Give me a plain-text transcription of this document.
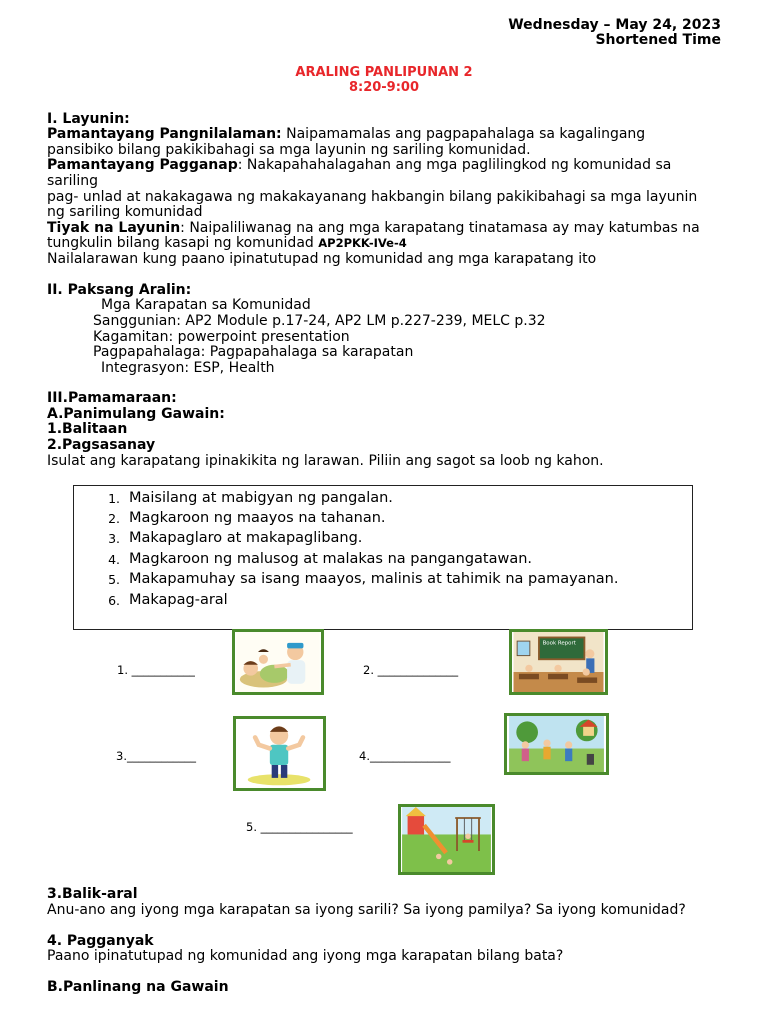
Wednesday – May 24, 2023
Shortened Time
ARALING PANLIPUNAN 2
8:20-9:00
I. Layunin:
Pamantayang Pangnilalaman: Naipamamalas ang pagpapahalaga sa kagalingang
pansibiko bilang pakikibahagi sa mga layunin ng sariling komunidad.
Pamantayang Pagganap: Nakapahahalagahan ang mga paglilingkod ng komunidad sa
sariling
pag- unlad at nakakagawa ng makakayanang hakbangin bilang pakikibahagi sa mga layunin
ng sariling komunidad
Tiyak na Layunin: Naipaliliwanag na ang mga karapatang tinatamasa ay may katumbas na
tungkulin bilang kasapi ng komunidad AP2PKK-IVe-4
Nailalarawan kung paano ipinatutupad ng komunidad ang mga karapatang ito
II. Paksang Aralin:
Mga Karapatan sa Komunidad
Sanggunian: AP2 Module p.17-24, AP2 LM p.227-239, MELC p.32
Kagamitan: powerpoint presentation
Pagpapahalaga: Pagpapahalaga sa karapatan
Integrasyon: ESP, Health
III.Pamamaraan:
A.Panimulang Gawain:
1.Balitaan
2.Pagsasanay
Isulat ang karapatang ipinakikita ng larawan. Piliin ang sagot sa loob ng kahon.
1. Maisilang at mabigyan ng pangalan.
2. Magkaroon ng maayos na tahanan.
3. Makapaglaro at makapaglibang.
4. Magkaroon ng malusog at malakas na pangangatawan.
5. Makapamuhay sa isang maayos, malinis at tahimik na pamayanan.
6. Makapag-aral
1. ___________	2. ______________
3.____________	4.______________
5. ________________
Book Report
3.Balik-aral
Anu-ano ang iyong mga karapatan sa iyong sarili? Sa iyong pamilya? Sa iyong komunidad?
4. Pagganyak
Paano ipinatutupad ng komunidad ang iyong mga karapatan bilang bata?
B.Panlinang na Gawain
